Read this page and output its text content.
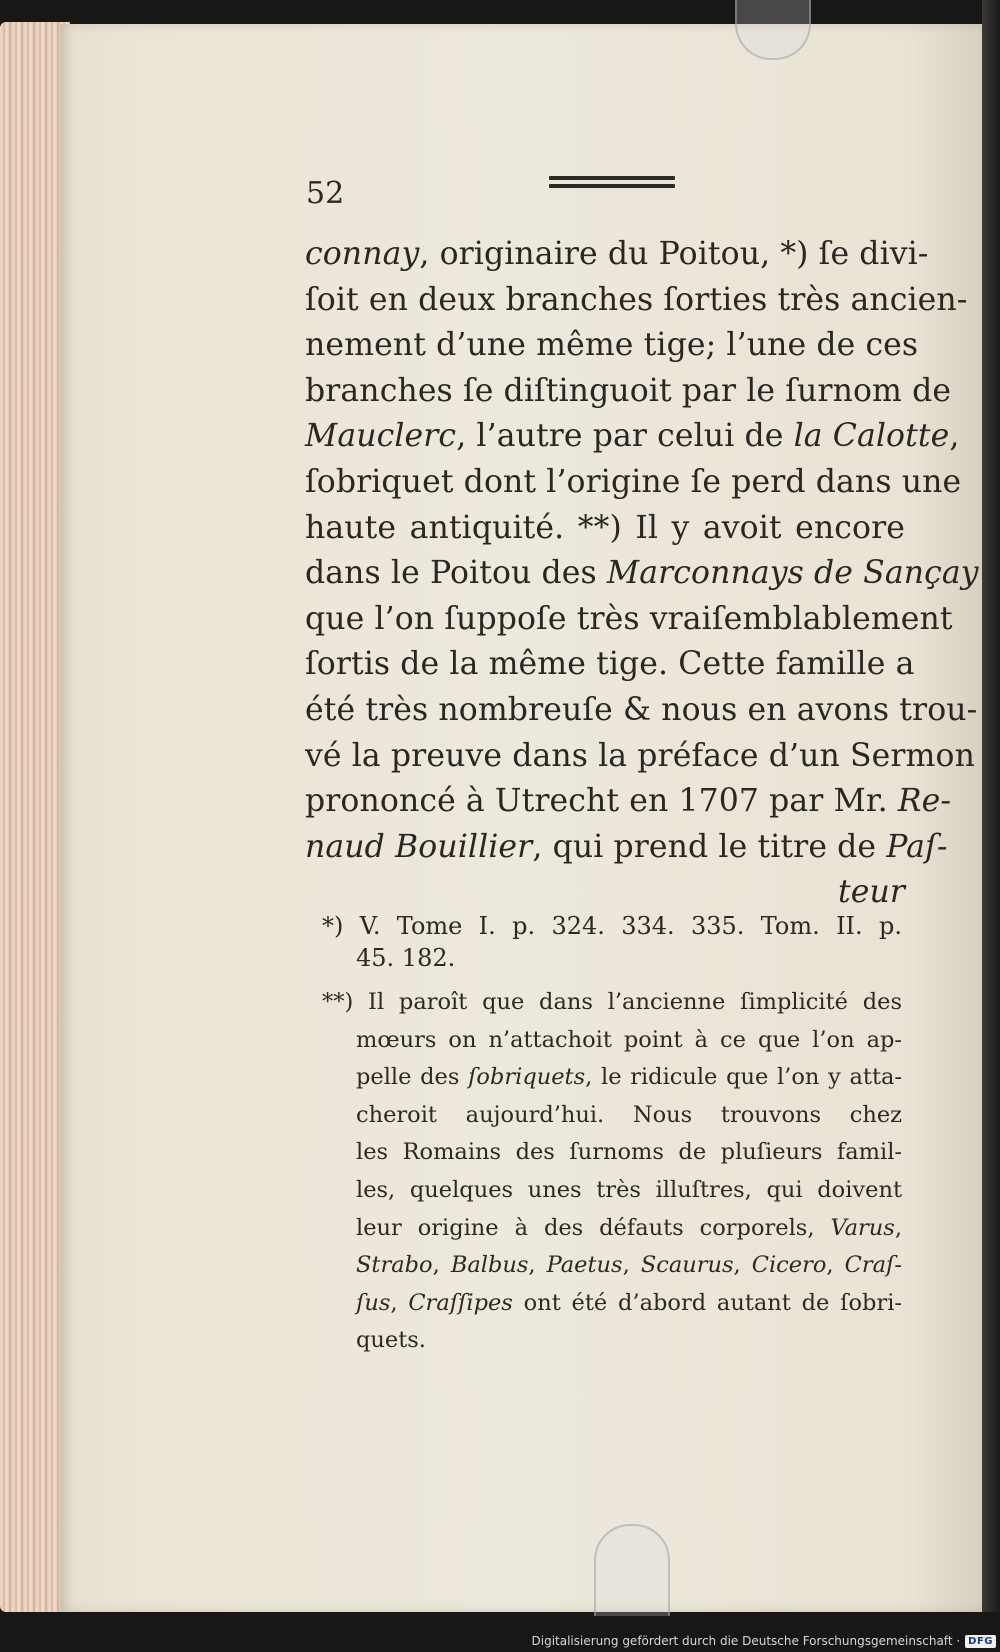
52

connay, originaire du Poitou, *) ſe divi-
ſoit en deux branches ſorties très ancien-
nement d’une même tige; l’une de ces
branches ſe diſtinguoit par le ſurnom de
Mauclerc, l’autre par celui de la Calotte,
ſobriquet dont l’origine ſe perd dans une
haute antiquité. **) Il y avoit encore
dans le Poitou des Marconnays de Sançay
que l’on ſuppoſe très vraiſemblablement
ſortis de la même tige. Cette famille a
été très nombreuſe & nous en avons trou-
vé la preuve dans la préface d’un Sermon
prononcé à Utrecht en 1707 par Mr. Re-
naud Bouillier, qui prend le titre de Paſ-
teur
*) V. Tome I. p. 324. 334. 335. Tom. II. p.
45. 182.
**) Il paroît que dans l’ancienne ſimplicité des
mœurs on n’attachoit point à ce que l’on ap-
pelle des ſobriquets, le ridicule que l’on y atta-
cheroit aujourd’hui. Nous trouvons chez
les Romains des ſurnoms de pluſieurs famil-
les, quelques unes très illuſtres, qui doivent
leur origine à des défauts corporels, Varus,
Strabo, Balbus, Paetus, Scaurus, Cicero, Craſ-
ſus, Craſſipes ont été d’abord autant de ſobri-
quets.
Digitalisierung gefördert durch die Deutsche Forschungsgemeinschaft · DFG
